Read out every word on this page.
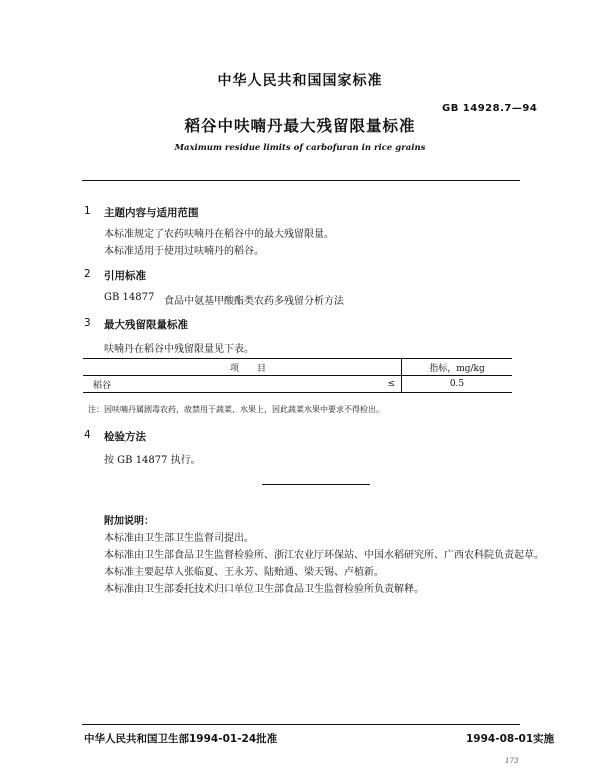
中华人民共和国国家标准
GB 14928.7—94
稻谷中呋喃丹最大残留限量标准
Maximum residue limits of carbofuran in rice grains
1 主题内容与适用范围
本标准规定了农药呋喃丹在稻谷中的最大残留限量。
本标准适用于使用过呋喃丹的稻谷。
2 引用标准
GB 14877 食品中氨基甲酸酯类农药多残留分析方法
3 最大残留限量标准
呋喃丹在稻谷中残留限量见下表。
项　　目		指标，mg/kg
稻谷	≤	0.5
注：因呋喃丹属剧毒农药，故禁用于蔬菜、水果上，因此蔬菜水果中要求不得检出。
4 检验方法
按 GB 14877 执行。
附加说明：
本标准由卫生部卫生监督司提出。
本标准由卫生部食品卫生监督检验所、浙江农业厅环保站、中国水稻研究所、广西农科院负责起草。
本标准主要起草人张临夏、王永芳、陆贻通、梁天锡、卢植新。
本标准由卫生部委托技术归口单位卫生部食品卫生监督检验所负责解释。
中华人民共和国卫生部1994-01-24批准	1994-08-01实施
173
